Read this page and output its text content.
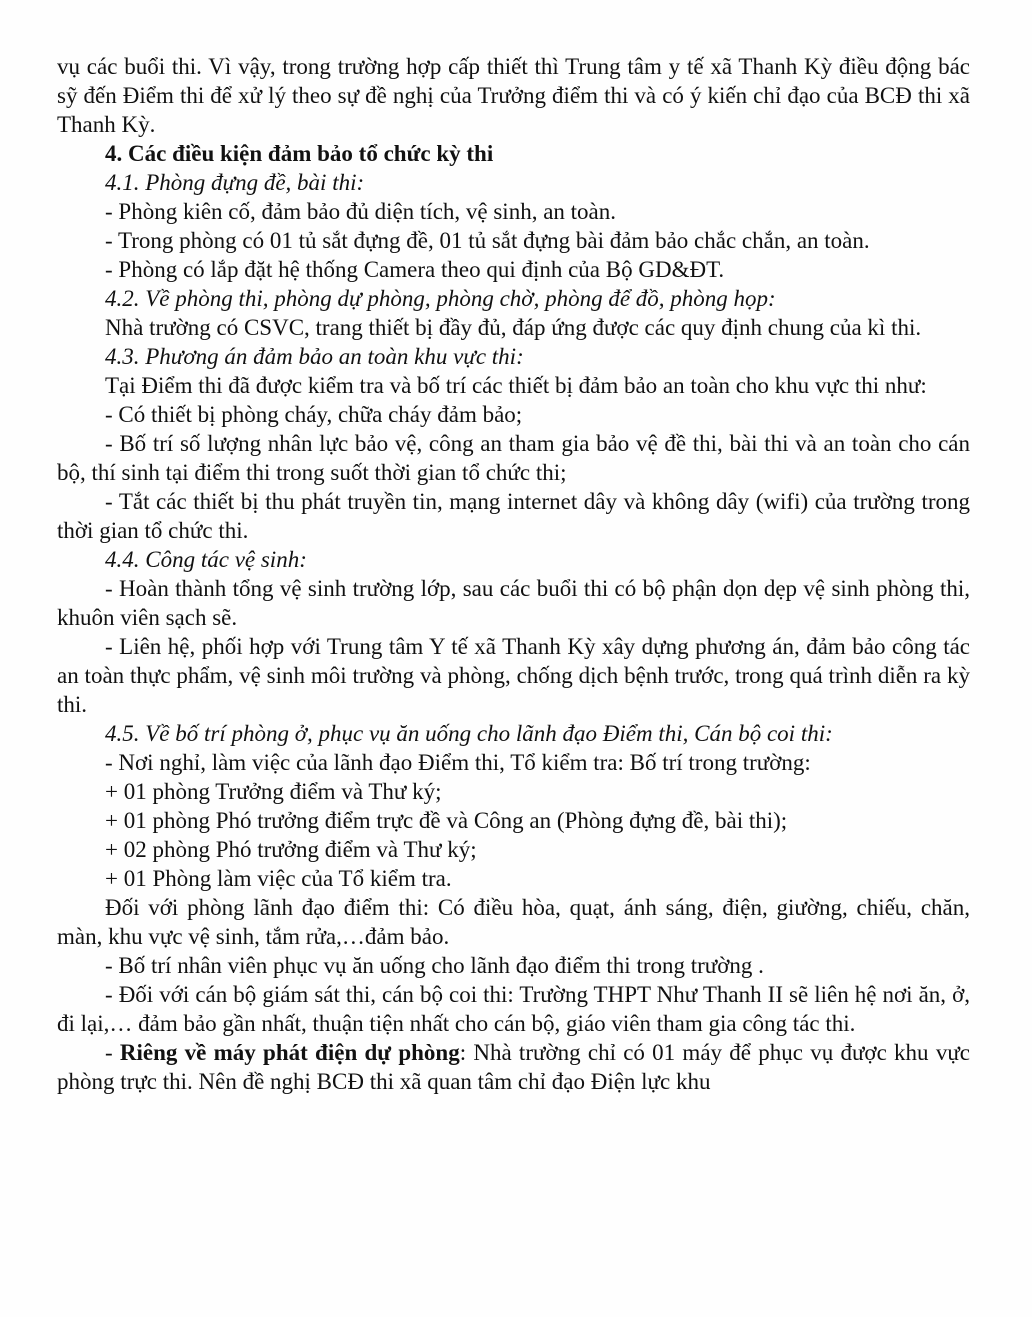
vụ các buổi thi. Vì vậy, trong trường hợp cấp thiết thì Trung tâm y tế xã Thanh Kỳ điều động bác sỹ đến Điểm thi để xử lý theo sự đề nghị của Trưởng điểm thi và có ý kiến chỉ đạo của BCĐ thi xã Thanh Kỳ.

4. Các điều kiện đảm bảo tổ chức kỳ thi

4.1. Phòng đựng đề, bài thi:

- Phòng kiên cố, đảm bảo đủ diện tích, vệ sinh, an toàn.

- Trong phòng có 01 tủ sắt đựng đề, 01 tủ sắt đựng bài đảm bảo chắc chắn, an toàn.

- Phòng có lắp đặt hệ thống Camera theo qui định của Bộ GD&ĐT.

4.2. Về phòng thi, phòng dự phòng, phòng chờ, phòng để đồ, phòng họp:

Nhà trường có CSVC, trang thiết bị đầy đủ, đáp ứng được các quy định chung của kì thi.

4.3. Phương án đảm bảo an toàn khu vực thi:

Tại Điểm thi đã được kiểm tra và bố trí các thiết bị đảm bảo an toàn cho khu vực thi như:

- Có thiết bị phòng cháy, chữa cháy đảm bảo;

- Bố trí số lượng nhân lực bảo vệ, công an tham gia bảo vệ đề thi, bài thi và an toàn cho cán bộ, thí sinh tại điểm thi trong suốt thời gian tổ chức thi;

- Tắt các thiết bị thu phát truyền tin, mạng internet dây và không dây (wifi) của trường trong thời gian tổ chức thi.

4.4. Công tác vệ sinh:

- Hoàn thành tổng vệ sinh trường lớp, sau các buổi thi có bộ phận dọn dẹp vệ sinh phòng thi, khuôn viên sạch sẽ.

- Liên hệ, phối hợp với Trung tâm Y tế xã Thanh Kỳ xây dựng phương án, đảm bảo công tác an toàn thực phẩm, vệ sinh môi trường và phòng, chống dịch bệnh trước, trong quá trình diễn ra kỳ thi.

4.5. Về bố trí phòng ở, phục vụ ăn uống cho lãnh đạo Điểm thi, Cán bộ coi thi:

- Nơi nghỉ, làm việc của lãnh đạo Điểm thi, Tổ kiểm tra: Bố trí trong trường:

+ 01 phòng Trưởng điểm và Thư ký;

+ 01 phòng Phó trưởng điểm trực đề và Công an (Phòng đựng đề, bài thi);

+ 02 phòng Phó trưởng điểm và Thư ký;

+ 01 Phòng làm việc của Tổ kiểm tra.

Đối với phòng lãnh đạo điểm thi: Có điều hòa, quạt, ánh sáng, điện, giường, chiếu, chăn, màn, khu vực vệ sinh, tắm rửa,…đảm bảo.

- Bố trí nhân viên phục vụ ăn uống cho lãnh đạo điểm thi trong trường .

- Đối với cán bộ giám sát thi, cán bộ coi thi: Trường THPT Như Thanh II sẽ liên hệ nơi ăn, ở, đi lại,… đảm bảo gần nhất, thuận tiện nhất cho cán bộ, giáo viên tham gia công tác thi.

- Riêng về máy phát điện dự phòng: Nhà trường chỉ có 01 máy để phục vụ được khu vực phòng trực thi. Nên đề nghị BCĐ thi xã quan tâm chỉ đạo Điện lực khu
